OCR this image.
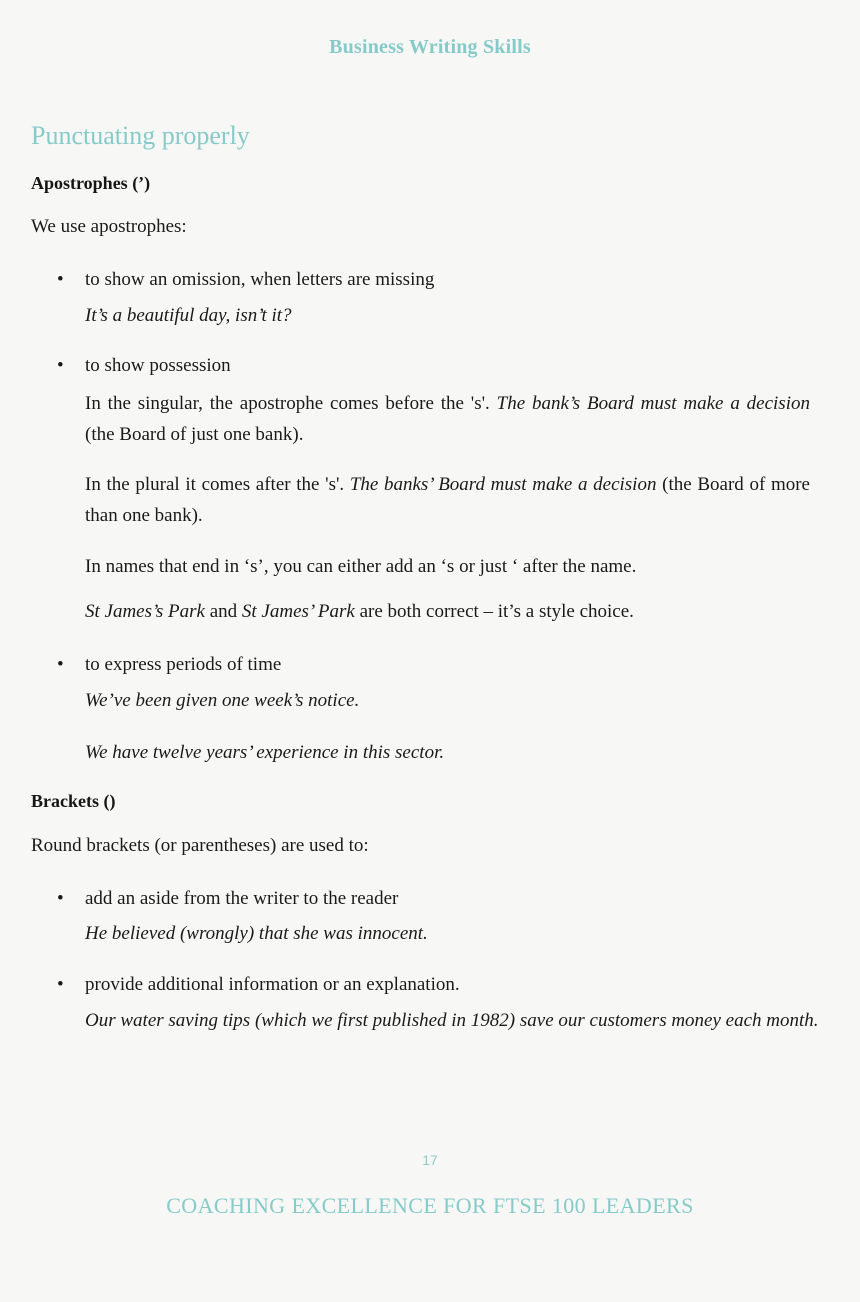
Business Writing Skills
Punctuating properly
Apostrophes (’)

We use apostrophes:

• to show an omission, when letters are missing
It’s a beautiful day, isn’t it?
• to show possession
In the singular, the apostrophe comes before the 's'. The bank’s Board must make a decision (the Board of just one bank).
In the plural it comes after the 's'. The banks’ Board must make a decision (the Board of more than one bank).
In names that end in ‘s’, you can either add an ‘s or just ‘ after the name.
St James’s Park and St James’ Park are both correct – it’s a style choice.
• to express periods of time
We’ve been given one week’s notice.
We have twelve years’ experience in this sector.
Brackets ()

Round brackets (or parentheses) are used to:

• add an aside from the writer to the reader
He believed (wrongly) that she was innocent.
• provide additional information or an explanation.
Our water saving tips (which we first published in 1982) save our customers money each month.
17
COACHING EXCELLENCE FOR FTSE 100 LEADERS
